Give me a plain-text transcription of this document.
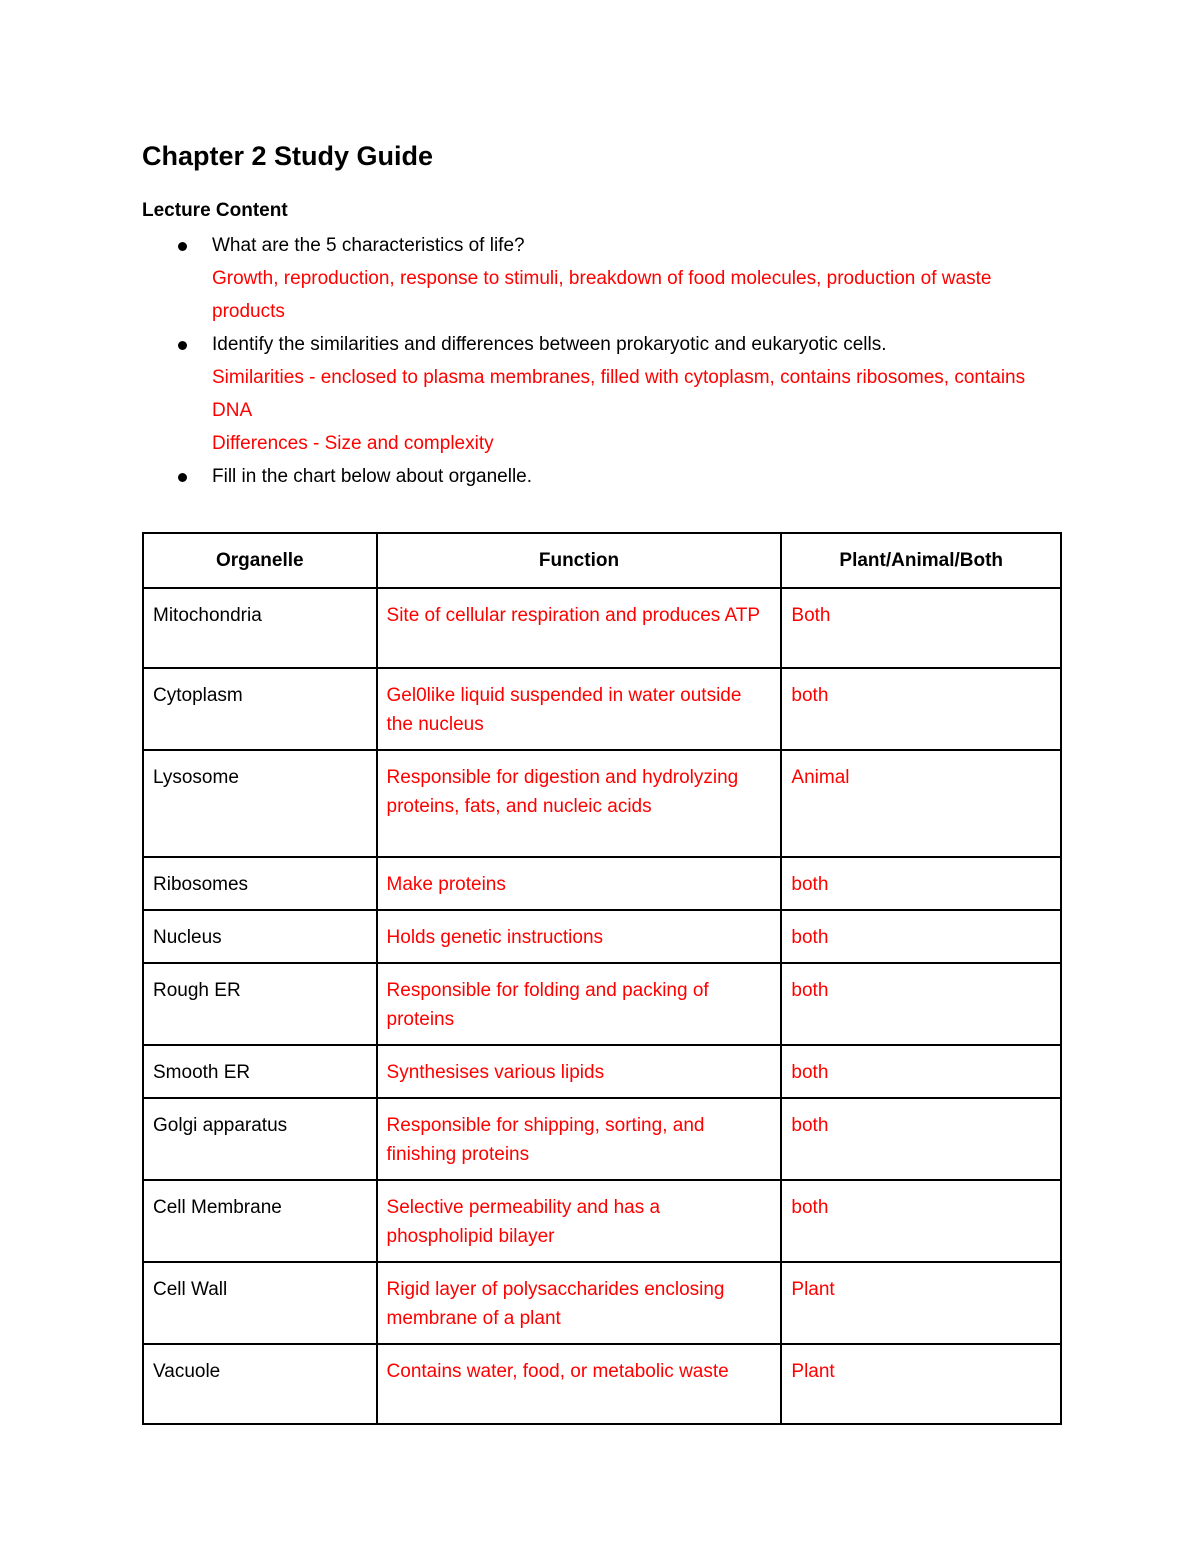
Chapter 2 Study Guide
Lecture Content
What are the 5 characteristics of life?
Growth, reproduction, response to stimuli, breakdown of food molecules, production of waste products
Identify the similarities and differences between prokaryotic and eukaryotic cells.
Similarities - enclosed to plasma membranes, filled with cytoplasm, contains ribosomes, contains DNA
Differences - Size and complexity
Fill in the chart below about organelle.
Organelle	Function	Plant/Animal/Both
Mitochondria	Site of cellular respiration and produces ATP	Both
Cytoplasm	Gel0like liquid suspended in water outside the nucleus	both
Lysosome	Responsible for digestion and hydrolyzing proteins, fats, and nucleic acids	Animal
Ribosomes	Make proteins	both
Nucleus	Holds genetic instructions	both
Rough ER	Responsible for folding and packing of proteins	both
Smooth ER	Synthesises various lipids	both
Golgi apparatus	Responsible for shipping, sorting, and finishing proteins	both
Cell Membrane	Selective permeability and has a phospholipid bilayer	both
Cell Wall	Rigid layer of polysaccharides enclosing membrane of a plant	Plant
Vacuole	Contains water, food, or metabolic waste	Plant
